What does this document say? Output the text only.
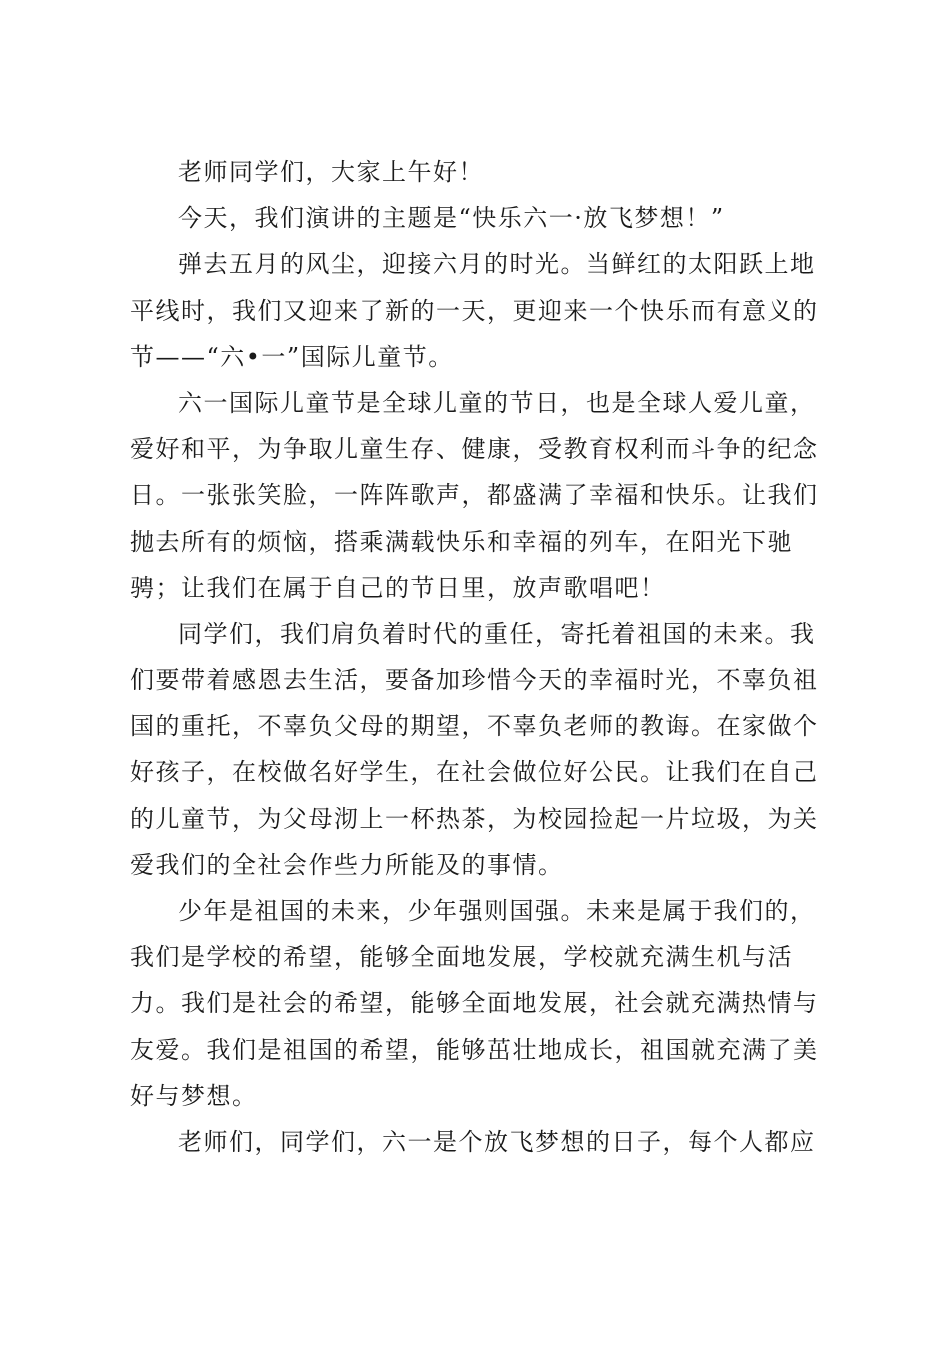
老师同学们，大家上午好！
今天，我们演讲的主题是“快乐六一·放飞梦想！”
弹去五月的风尘，迎接六月的时光。当鲜红的太阳跃上地
平线时，我们又迎来了新的一天，更迎来一个快乐而有意义的
节——“六•一”国际儿童节。
六一国际儿童节是全球儿童的节日，也是全球人爱儿童，
爱好和平，为争取儿童生存、健康，受教育权利而斗争的纪念
日。一张张笑脸，一阵阵歌声，都盛满了幸福和快乐。让我们
抛去所有的烦恼，搭乘满载快乐和幸福的列车，在阳光下驰
骋；让我们在属于自己的节日里，放声歌唱吧！
同学们，我们肩负着时代的重任，寄托着祖国的未来。我
们要带着感恩去生活，要备加珍惜今天的幸福时光，不辜负祖
国的重托，不辜负父母的期望，不辜负老师的教诲。在家做个
好孩子，在校做名好学生，在社会做位好公民。让我们在自己
的儿童节，为父母沏上一杯热茶，为校园捡起一片垃圾，为关
爱我们的全社会作些力所能及的事情。
少年是祖国的未来，少年强则国强。未来是属于我们的，
我们是学校的希望，能够全面地发展，学校就充满生机与活
力。我们是社会的希望，能够全面地发展，社会就充满热情与
友爱。我们是祖国的希望，能够茁壮地成长，祖国就充满了美
好与梦想。
老师们，同学们，六一是个放飞梦想的日子，每个人都应
